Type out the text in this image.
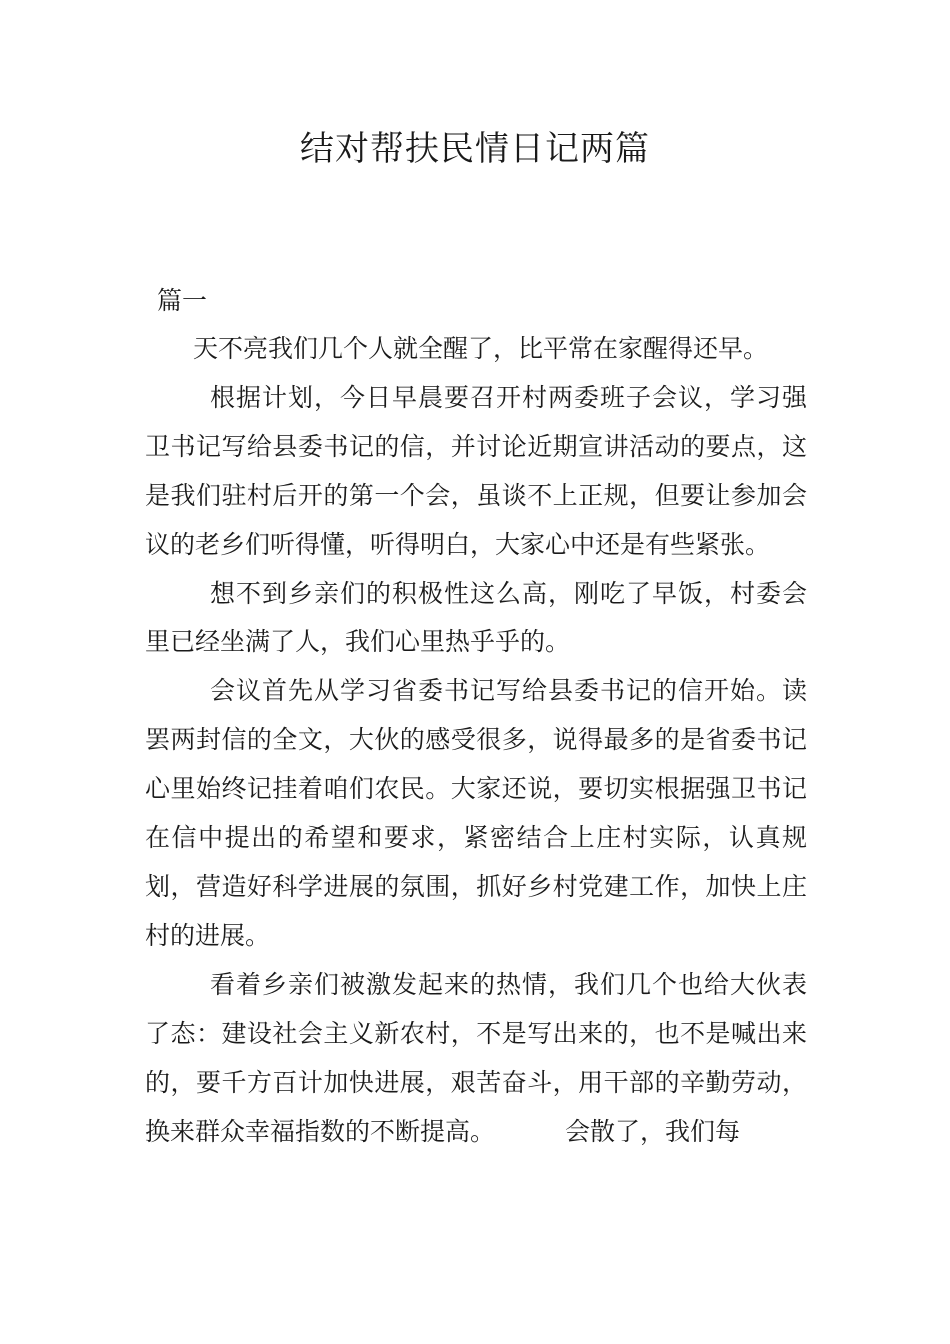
结对帮扶民情日记两篇
篇一

天不亮我们几个人就全醒了，比平常在家醒得还早。

根据计划，今日早晨要召开村两委班子会议，学习强卫书记写给县委书记的信，并讨论近期宣讲活动的要点，这是我们驻村后开的第一个会，虽谈不上正规，但要让参加会议的老乡们听得懂，听得明白，大家心中还是有些紧张。

想不到乡亲们的积极性这么高，刚吃了早饭，村委会里已经坐满了人，我们心里热乎乎的。

会议首先从学习省委书记写给县委书记的信开始。读罢两封信的全文，大伙的感受很多，说得最多的是省委书记心里始终记挂着咱们农民。大家还说，要切实根据强卫书记在信中提出的希望和要求，紧密结合上庄村实际，认真规划，营造好科学进展的氛围，抓好乡村党建工作，加快上庄村的进展。

看着乡亲们被激发起来的热情，我们几个也给大伙表了态：建设社会主义新农村，不是写出来的，也不是喊出来的，要千方百计加快进展，艰苦奋斗，用干部的辛勤劳动，换来群众幸福指数的不断提高。	会散了，我们每
